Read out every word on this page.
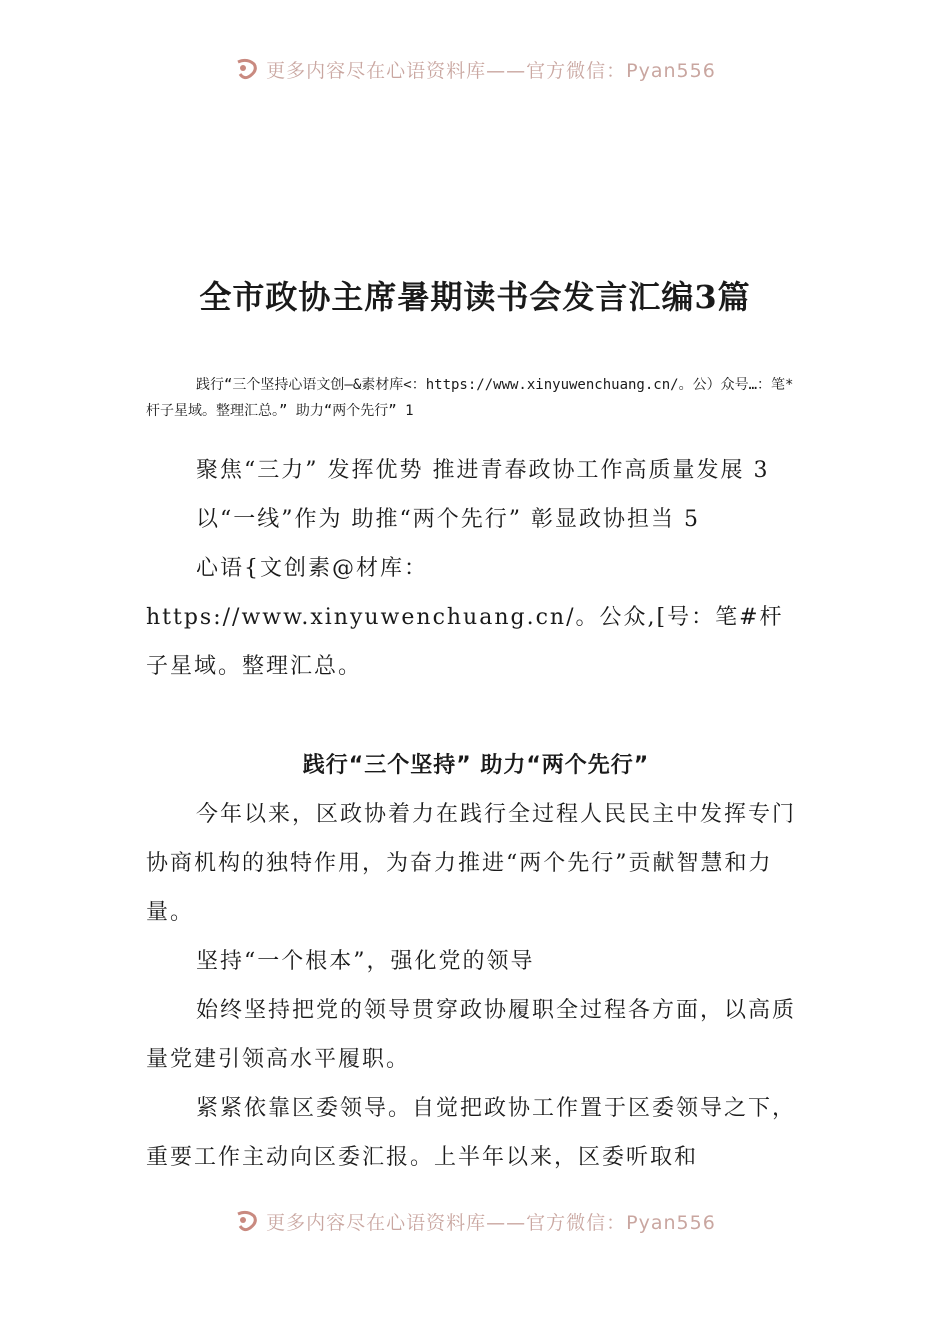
更多内容尽在心语资料库——官方微信：Pyan556
全市政协主席暑期读书会发言汇编3篇

践行“三个坚持心语文创—&素材库<：https://www.xinyuwenchuang.cn/。公）众号…：笔*杆子星域。整理汇总。” 助力“两个先行” 1

聚焦“三力” 发挥优势 推进青春政协工作高质量发展 3

以“一线”作为 助推“两个先行” 彰显政协担当 5

心语{文创素@材库：https://www.xinyuwenchuang.cn/。公众,[号：笔#杆子星域。整理汇总。

践行“三个坚持” 助力“两个先行”

今年以来，区政协着力在践行全过程人民民主中发挥专门协商机构的独特作用，为奋力推进“两个先行”贡献智慧和力量。

坚持“一个根本”，强化党的领导

始终坚持把党的领导贯穿政协履职全过程各方面，以高质量党建引领高水平履职。

紧紧依靠区委领导。自觉把政协工作置于区委领导之下，重要工作主动向区委汇报。上半年以来，区委听取和

更多内容尽在心语资料库——官方微信：Pyan556
